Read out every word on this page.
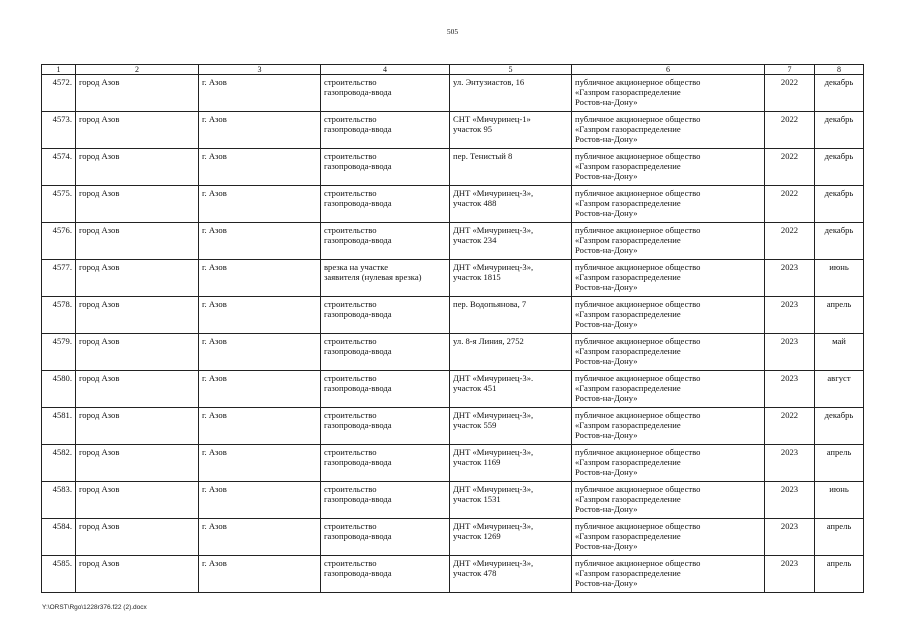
505
1	2	3	4	5	6	7	8
4572.	город Азов	г. Азов	строительство
газопровода-ввода	ул. Энтузиастов, 16	публичное акционерное общество
«Газпром газораспределение
Ростов-на-Дону»	2022	декабрь
4573.	город Азов	г. Азов	строительство
газопровода-ввода	СНТ «Мичуринец-1»
участок 95	публичное акционерное общество
«Газпром газораспределение
Ростов-на-Дону»	2022	декабрь
4574.	город Азов	г. Азов	строительство
газопровода-ввода	пер. Тенистый 8	публичное акционерное общество
«Газпром газораспределение
Ростов-на-Дону»	2022	декабрь
4575.	город Азов	г. Азов	строительство
газопровода-ввода	ДНТ «Мичуринец-3»,
участок 488	публичное акционерное общество
«Газпром газораспределение
Ростов-на-Дону»	2022	декабрь
4576.	город Азов	г. Азов	строительство
газопровода-ввода	ДНТ «Мичуринец-3»,
участок 234	публичное акционерное общество
«Газпром газораспределение
Ростов-на-Дону»	2022	декабрь
4577.	город Азов	г. Азов	врезка на участке
заявителя (нулевая врезка)	ДНТ «Мичуринец-3»,
участок 1815	публичное акционерное общество
«Газпром газораспределение
Ростов-на-Дону»	2023	июнь
4578.	город Азов	г. Азов	строительство
газопровода-ввода	пер. Водопьянова, 7	публичное акционерное общество
«Газпром газораспределение
Ростов-на-Дону»	2023	апрель
4579.	город Азов	г. Азов	строительство
газопровода-ввода	ул. 8-я Линия, 2752	публичное акционерное общество
«Газпром газораспределение
Ростов-на-Дону»	2023	май
4580.	город Азов	г. Азов	строительство
газопровода-ввода	ДНТ «Мичуринец-3».
участок 451	публичное акционерное общество
«Газпром газораспределение
Ростов-на-Дону»	2023	август
4581.	город Азов	г. Азов	строительство
газопровода-ввода	ДНТ «Мичуринец-3»,
участок 559	публичное акционерное общество
«Газпром газораспределение
Ростов-на-Дону»	2022	декабрь
4582.	город Азов	г. Азов	строительство
газопровода-ввода	ДНТ «Мичуринец-3»,
участок 1169	публичное акционерное общество
«Газпром газораспределение
Ростов-на-Дону»	2023	апрель
4583.	город Азов	г. Азов	строительство
газопровода-ввода	ДНТ «Мичуринец-3»,
участок 1531	публичное акционерное общество
«Газпром газораспределение
Ростов-на-Дону»	2023	июнь
4584.	город Азов	г. Азов	строительство
газопровода-ввода	ДНТ «Мичуринец-3»,
участок 1269	публичное акционерное общество
«Газпром газораспределение
Ростов-на-Дону»	2023	апрель
4585.	город Азов	г. Азов	строительство
газопровода-ввода	ДНТ «Мичуринец-3»,
участок 478	публичное акционерное общество
«Газпром газораспределение
Ростов-на-Дону»	2023	апрель
Y:\ORST\Rgo\1228r376.f22 (2).docx
